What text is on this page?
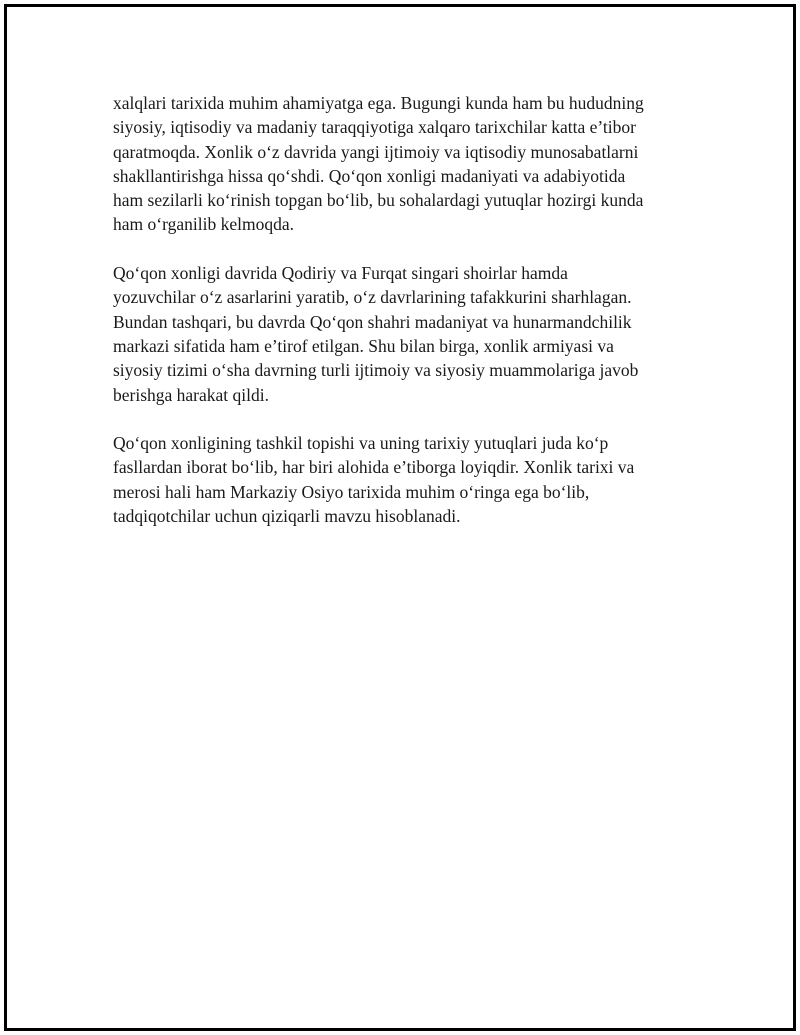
xalqlari tarixida muhim ahamiyatga ega. Bugungi kunda ham bu hududning
siyosiy, iqtisodiy va madaniy taraqqiyotiga xalqaro tarixchilar katta e’tibor
qaratmoqda. Xonlik o‘z davrida yangi ijtimoiy va iqtisodiy munosabatlarni
shakllantirishga hissa qo‘shdi. Qo‘qon xonligi madaniyati va adabiyotida
ham sezilarli ko‘rinish topgan bo‘lib, bu sohalardagi yutuqlar hozirgi kunda
ham o‘rganilib kelmoqda.

Qo‘qon xonligi davrida Qodiriy va Furqat singari shoirlar hamda
yozuvchilar o‘z asarlarini yaratib, o‘z davrlarining tafakkurini sharhlagan.
Bundan tashqari, bu davrda Qo‘qon shahri madaniyat va hunarmandchilik
markazi sifatida ham e’tirof etilgan. Shu bilan birga, xonlik armiyasi va
siyosiy tizimi o‘sha davrning turli ijtimoiy va siyosiy muammolariga javob
berishga harakat qildi.

Qo‘qon xonligining tashkil topishi va uning tarixiy yutuqlari juda ko‘p
fasllardan iborat bo‘lib, har biri alohida e’tiborga loyiqdir. Xonlik tarixi va
merosi hali ham Markaziy Osiyo tarixida muhim o‘ringa ega bo‘lib,
tadqiqotchilar uchun qiziqarli mavzu hisoblanadi.
